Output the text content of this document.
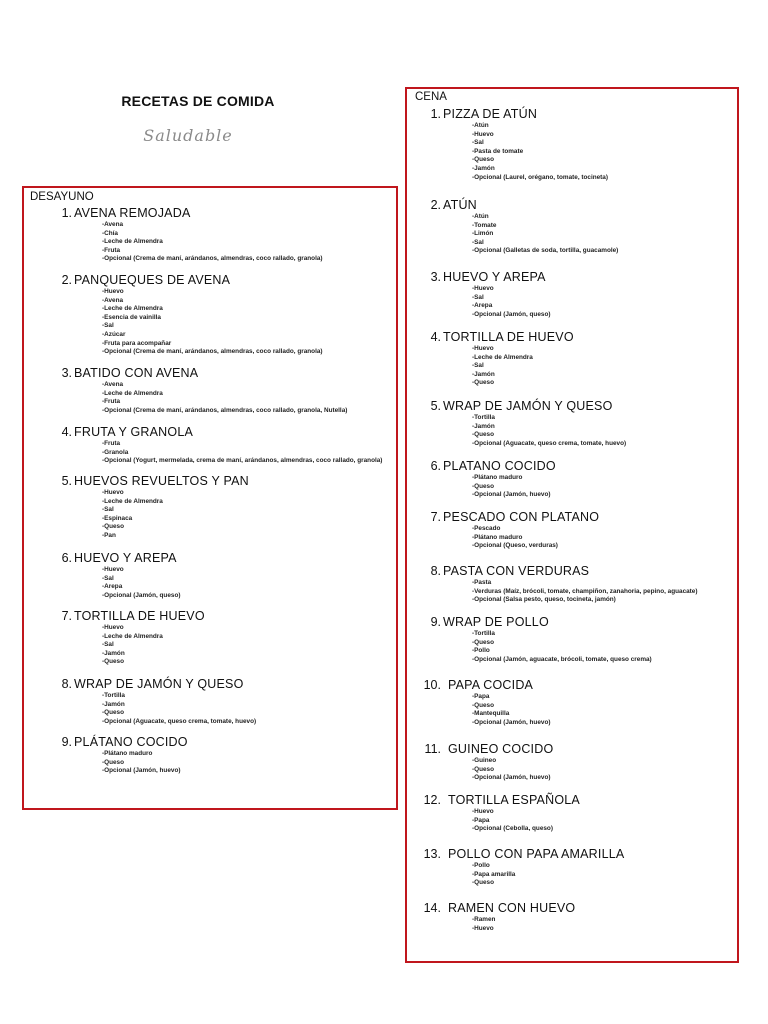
RECETAS DE COMIDA
Saludable
DESAYUNO
1. AVENA REMOJADA
-Avena
-Chía
-Leche de Almendra
-Fruta
-Opcional (Crema de maní, arándanos, almendras, coco rallado, granola)
2. PANQUEQUES DE AVENA
-Huevo
-Avena
-Leche de Almendra
-Esencia de vainilla
-Sal
-Azúcar
-Fruta para acompañar
-Opcional (Crema de maní, arándanos, almendras, coco rallado, granola)
3. BATIDO CON AVENA
-Avena
-Leche de Almendra
-Fruta
-Opcional (Crema de maní, arándanos, almendras, coco rallado, granola, Nutella)
4. FRUTA Y GRANOLA
-Fruta
-Granola
-Opcional (Yogurt, mermelada, crema de maní, arándanos, almendras, coco rallado, granola)
5. HUEVOS REVUELTOS Y PAN
-Huevo
-Leche de Almendra
-Sal
-Espinaca
-Queso
-Pan
6. HUEVO Y AREPA
-Huevo
-Sal
-Arepa
-Opcional (Jamón, queso)
7. TORTILLA DE HUEVO
-Huevo
-Leche de Almendra
-Sal
-Jamón
-Queso
8. WRAP DE JAMÓN Y QUESO
-Tortilla
-Jamón
-Queso
-Opcional (Aguacate, queso crema, tomate, huevo)
9. PLÁTANO COCIDO
-Plátano maduro
-Queso
-Opcional (Jamón, huevo)
CENA
1. PIZZA DE ATÚN
-Atún
-Huevo
-Sal
-Pasta de tomate
-Queso
-Jamón
-Opcional (Laurel, orégano, tomate, tocineta)
2. ATÚN
-Atún
-Tomate
-Limón
-Sal
-Opcional (Galletas de soda, tortilla, guacamole)
3. HUEVO Y AREPA
-Huevo
-Sal
-Arepa
-Opcional (Jamón, queso)
4. TORTILLA DE HUEVO
-Huevo
-Leche de Almendra
-Sal
-Jamón
-Queso
5. WRAP DE JAMÓN Y QUESO
-Tortilla
-Jamón
-Queso
-Opcional (Aguacate, queso crema, tomate, huevo)
6. PLATANO COCIDO
-Plátano maduro
-Queso
-Opcional (Jamón, huevo)
7. PESCADO CON PLATANO
-Pescado
-Plátano maduro
-Opcional (Queso, verduras)
8. PASTA CON VERDURAS
-Pasta
-Verduras (Maíz, brócoli, tomate, champiñon, zanahoria, pepino, aguacate)
-Opcional (Salsa pesto, queso, tocineta, jamón)
9. WRAP DE POLLO
-Tortilla
-Queso
-Pollo
-Opcional (Jamón, aguacate, brócoli, tomate, queso crema)
10. PAPA COCIDA
-Papa
-Queso
-Mantequilla
-Opcional (Jamón, huevo)
11. GUINEO COCIDO
-Guineo
-Queso
-Opcional (Jamón, huevo)
12. TORTILLA ESPAÑOLA
-Huevo
-Papa
-Opcional (Cebolla, queso)
13. POLLO CON PAPA AMARILLA
-Pollo
-Papa amarilla
-Queso
14. RAMEN CON HUEVO
-Ramen
-Huevo
